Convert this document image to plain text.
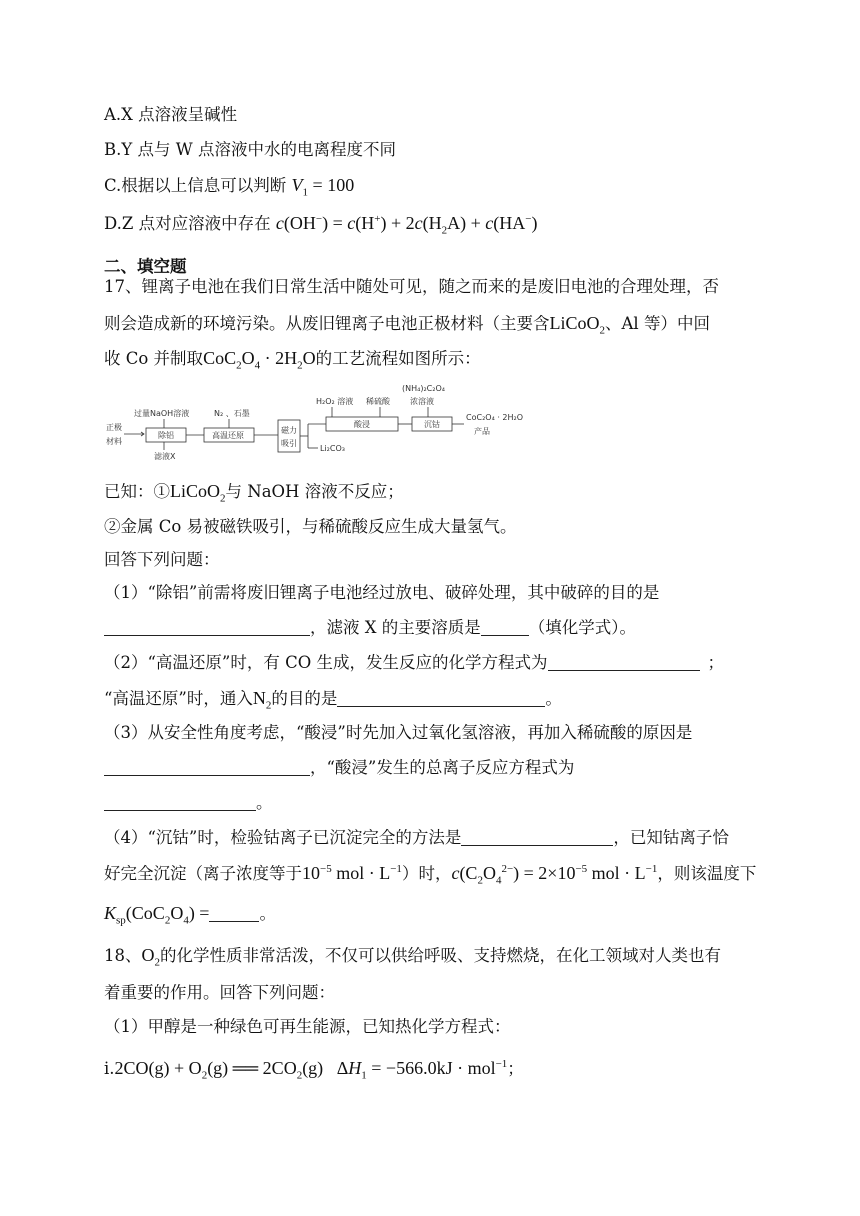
A.X 点溶液呈碱性
B.Y 点与 W 点溶液中水的电离程度不同
C.根据以上信息可以判断 $V_1 = 100$
D.Z 点对应溶液中存在 $c(OH^-) = c(H^+) + 2c(H_2A) + c(HA^-)$
二、填空题
17、锂离子电池在我们日常生活中随处可见，随之而来的是废旧电池的合理处理，否
则会造成新的环境污染。从废旧锂离子电池正极材料（主要含LiCoO$_2$、Al 等）中回
收 Co 并制取$CoC_2O_4 \cdot 2H_2O$的工艺流程如图所示：
正极
材料
过量NaOH溶液
除铝
滤液X
N₂ 、石墨
高温还原
磁力
吸引
Li₂CO₃
H₂O₂ 溶液 稀硫酸
酸浸
(NH₄)₂C₂O₄
浓溶液
沉钴
CoC₂O₄ · 2H₂O
产品
已知：①LiCoO$_2$与 NaOH 溶液不反应；
②金属 Co 易被磁铁吸引，与稀硫酸反应生成大量氢气。
回答下列问题：
（1）“除铝”前需将废旧锂离子电池经过放电、破碎处理，其中破碎的目的是
，滤液 X 的主要溶质是	（填化学式）。
（2）“高温还原”时，有 CO 生成，发生反应的化学方程式为	；
“高温还原”时，通入$N_2$的目的是	。
（3）从安全性角度考虑，“酸浸”时先加入过氧化氢溶液，再加入稀硫酸的原因是
，“酸浸”发生的总离子反应方程式为
。
（4）“沉钴”时，检验钴离子已沉淀完全的方法是	，已知钴离子恰
好完全沉淀（离子浓度等于$10^{-5}$ mol · $L^{-1}$）时，$c(C_2O_4^{2-}) = 2\times 10^{-5}$ mol · $L^{-1}$，则该温度下
$K_{sp}(CoC_2O_4)$ =	。
18、$O_2$的化学性质非常活泼，不仅可以供给呼吸、支持燃烧，在化工领域对人类也有
着重要的作用。回答下列问题：
（1）甲醇是一种绿色可再生能源，已知热化学方程式：
$i.2CO(g) + O_2(g)$ ══ $2CO_2(g) \Delta H_1 = -566.0kJ \cdot mol^{-1}$；
